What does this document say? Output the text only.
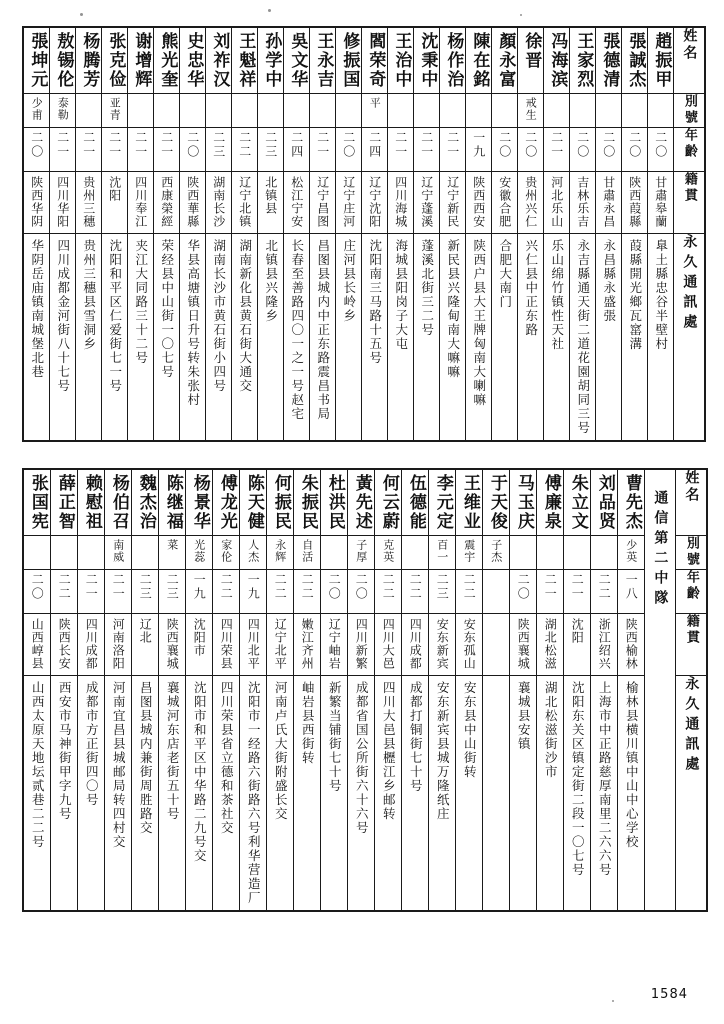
張坤元	敖锡伦	杨腾芳	张克俭	谢增辉	熊光奎	史忠华	刘祚汉	王魁祥	孙学中	吳文华	王永吉	修振国	閻荣奇	王治中	沈秉中	杨作治	陳在銘	顏永富	徐晋	冯海滨	王家烈	張德清	張誠杰	趙振甲	姓名

少甫	泰勒		亚青										平						戒生						別號

二〇	二一	二一	二一	二一	二一	二〇	二三	二二	二三	二四	二一	二〇	二四	二一	二一	二一	一九	二〇	二〇	二一	二〇	二〇	二〇	二〇	年齡

陕西华阴	四川华阳	贵州三穗	沈阳	四川奉江	西康榮經	陕西華縣	湖南长沙	辽宁北镇	北镇县	松江宁安	辽宁昌图	辽宁庄河	辽宁沈阳	四川海城	辽宁蓬溪	辽宁新民	陕西西安	安徽合肥	贵州兴仁	河北乐山	吉林乐吉	甘肅永昌	陝西葭縣	甘肅皋蘭	籍貫

华阴岳庙镇南城堡北巷	四川成都金河街八十七号	贵州三穗县雪洞乡	沈阳和平区仁爱街七一号	夹江大同路三十二号	荣经县中山街一〇七号	华县高塘镇日升号转朱张村	湖南长沙市黄石街小四号	湖南新化县黄石街大通交	北镇县兴隆乡	长春至善路四〇一之一号赵宅	昌图县城内中正东路震昌书局	庄河县长岭乡	沈阳南三马路十五号	海城县阳岗子大屯	蓬溪北街三二号	新民县兴隆甸南大嘛嘛	陕西户县大王牌匈南大喇嘛	合肥大南门	兴仁县中正东路	乐山绵竹镇性天社	永吉縣通天街二道花園胡同三号	永昌縣永盛張	葭縣開光鄉瓦窰溝	臯土縣忠谷半壁村	永久通訊處
张国宪	薛正智	赖慰祖	杨伯召	魏杰治	陈继福	杨景华	傅龙光	陈天健	何振民	朱振民	杜洪民	黃先述	何云蔚	伍德能	李元定	王维业	于天俊	马玉庆	傅廉泉	朱立文	刘品贤	曹先杰	通信第二中隊	姓名

			南威		菜	光蕊	家伦	人杰	永辉	自活		子厚	克英		百一	震宇	子杰					少英		別號

二〇	二二	二一	二一	二三	二三	一九	二二	一九	二二	二二	二〇	二〇	二二	二二	二三	二二		二〇	二一	二一	二二	一八		年齡

山西崞县	陕西长安	四川成都	河南洛阳	辽北	陕西襄城	沈阳市	四川荣县	四川北平	辽宁北平	嫩江齐州	辽宁岫岩	四川新繁	四川大邑	四川成都	安东新宾	安东孤山		陕西襄城	湖北松滋	沈阳	浙江绍兴	陕西榆林		籍貫

山西太原天地坛贰巷二二号	西安市马神街甲字九号	成都市方正街四〇号	河南宜昌县城邮局转四村交	昌图县城内兼街周胜路交	襄城河东店老街五十号	沈阳市和平区中华路二九号交	四川荣县省立德和茶社交	沈阳市一经路六街路六号利华营造厂	河南卢氏大街附盛长交	岫岩县西街转	新繁当铺街七十号	成都省国公所街六十六号	四川大邑县櫪江乡邮转	成都打铜街七十号	安东新宾县城万隆纸庄	安东县中山街转		襄城县安镇	湖北松滋街沙市	沈阳东关区镇定街二段一〇七号	上海市中正路慈厚南里二六六号	榆林县横川镇中山中心学校		永久通訊處
1584
